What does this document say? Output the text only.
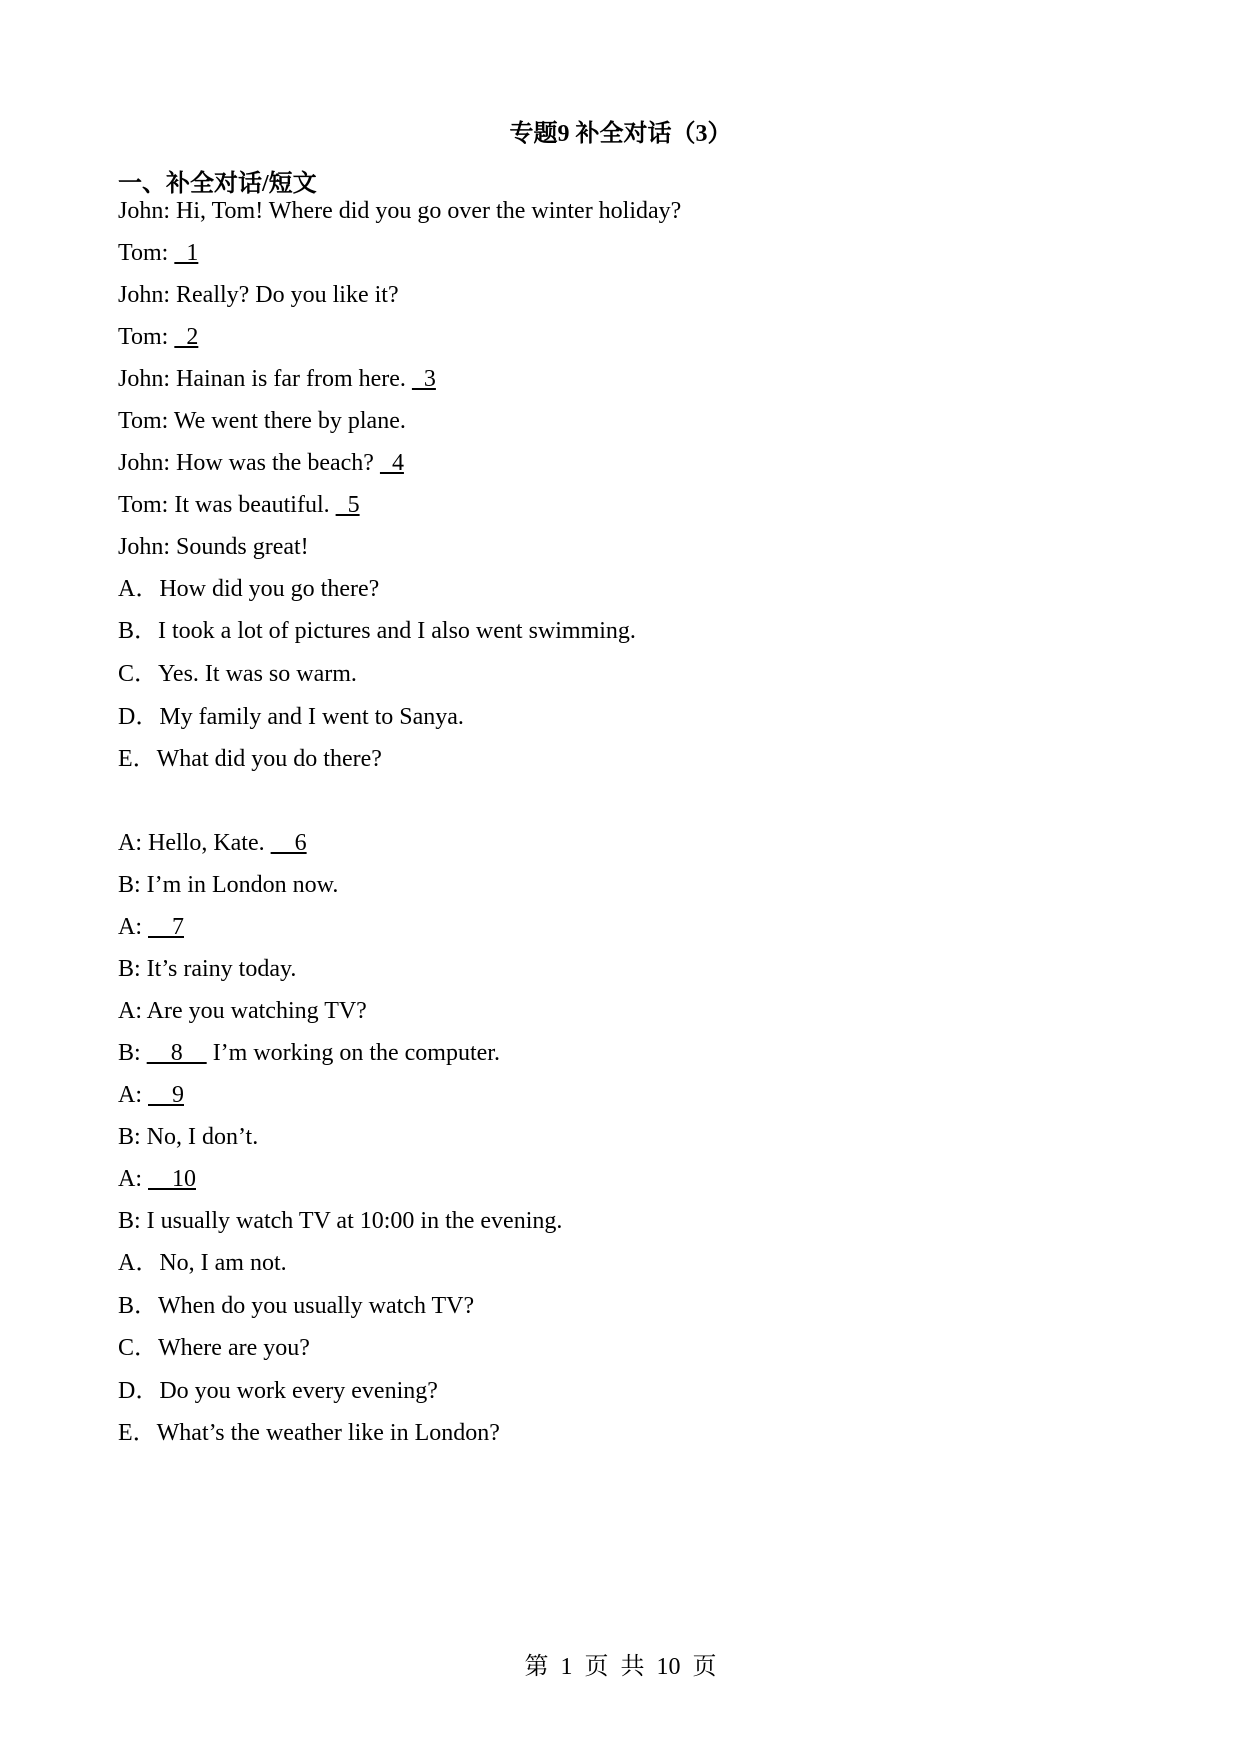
专题9 补全对话（3）
一、补全对话/短文
John: Hi, Tom! Where did you go over the winter holiday?
Tom:   1
John: Really? Do you like it?
Tom:   2
John: Hainan is far from here.   3
Tom: We went there by plane.
John: How was the beach?   4
Tom: It was beautiful.   5
John: Sounds great!
A．How did you go there?
B．I took a lot of pictures and I also went swimming.
C．Yes. It was so warm.
D．My family and I went to Sanya.
E．What did you do there?
A: Hello, Kate.     6
B: I’m in London now.
A:     7
B: It’s rainy today.
A: Are you watching TV?
B:     8     I’m working on the computer.
A:     9
B: No, I don’t.
A:     10
B: I usually watch TV at 10:00 in the evening.
A．No, I am not.
B．When do you usually watch TV?
C．Where are you?
D．Do you work every evening?
E．What’s the weather like in London?
第 1 页 共 10 页
